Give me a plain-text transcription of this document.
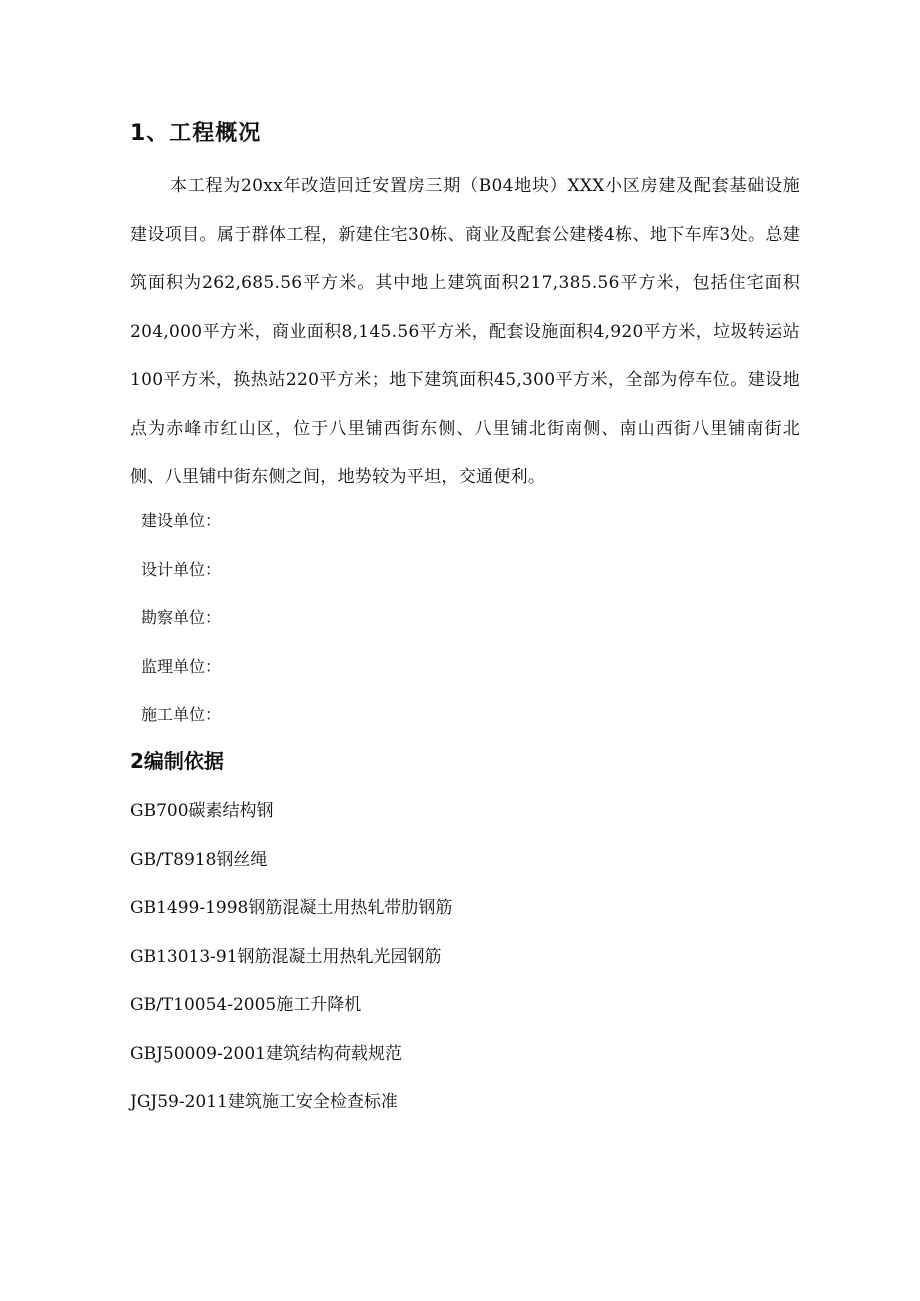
1、工程概况
本工程为20xx年改造回迁安置房三期（B04地块）XXX小区房建及配套基础设施建设项目。属于群体工程，新建住宅30栋、商业及配套公建楼4栋、地下车库3处。总建筑面积为262,685.56平方米。其中地上建筑面积217,385.56平方米，包括住宅面积204,000平方米，商业面积8,145.56平方米，配套设施面积4,920平方米，垃圾转运站100平方米，换热站220平方米；地下建筑面积45,300平方米，全部为停车位。建设地点为赤峰市红山区，位于八里铺西街东侧、八里铺北街南侧、南山西街八里铺南街北侧、八里铺中街东侧之间，地势较为平坦，交通便利。
建设单位：
设计单位：
勘察单位：
监理单位：
施工单位：
2编制依据
GB700碳素结构钢
GB/T8918钢丝绳
GB1499-1998钢筋混凝土用热轧带肋钢筋
GB13013-91钢筋混凝土用热轧光园钢筋
GB/T10054-2005施工升降机
GBJ50009-2001建筑结构荷载规范
JGJ59-2011建筑施工安全检查标准
